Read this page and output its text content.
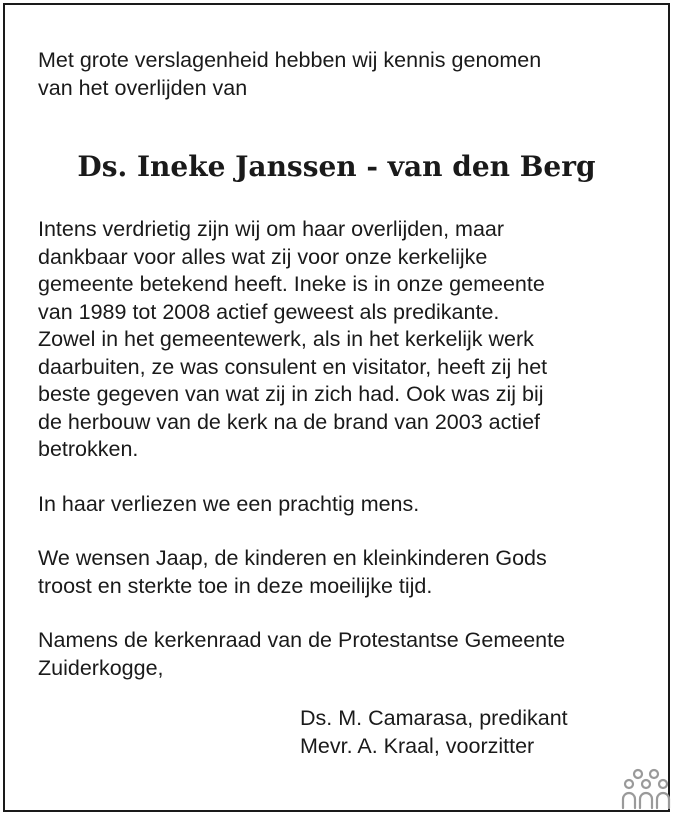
Met grote verslagenheid hebben wij kennis genomen
van het overlijden van
Ds. Ineke Janssen - van den Berg
Intens verdrietig zijn wij om haar overlijden, maar
dankbaar voor alles wat zij voor onze kerkelijke
gemeente betekend heeft. Ineke is in onze gemeente
van 1989 tot 2008 actief geweest als predikante.
Zowel in het gemeentewerk, als in het kerkelijk werk
daarbuiten, ze was consulent en visitator, heeft zij het
beste gegeven van wat zij in zich had. Ook was zij bij
de herbouw van de kerk na de brand van 2003 actief
betrokken.
In haar verliezen we een prachtig mens.
We wensen Jaap, de kinderen en kleinkinderen Gods
troost en sterkte toe in deze moeilijke tijd.
Namens de kerkenraad van de Protestantse Gemeente
Zuiderkogge,
Ds. M. Camarasa, predikant
Mevr. A. Kraal, voorzitter
